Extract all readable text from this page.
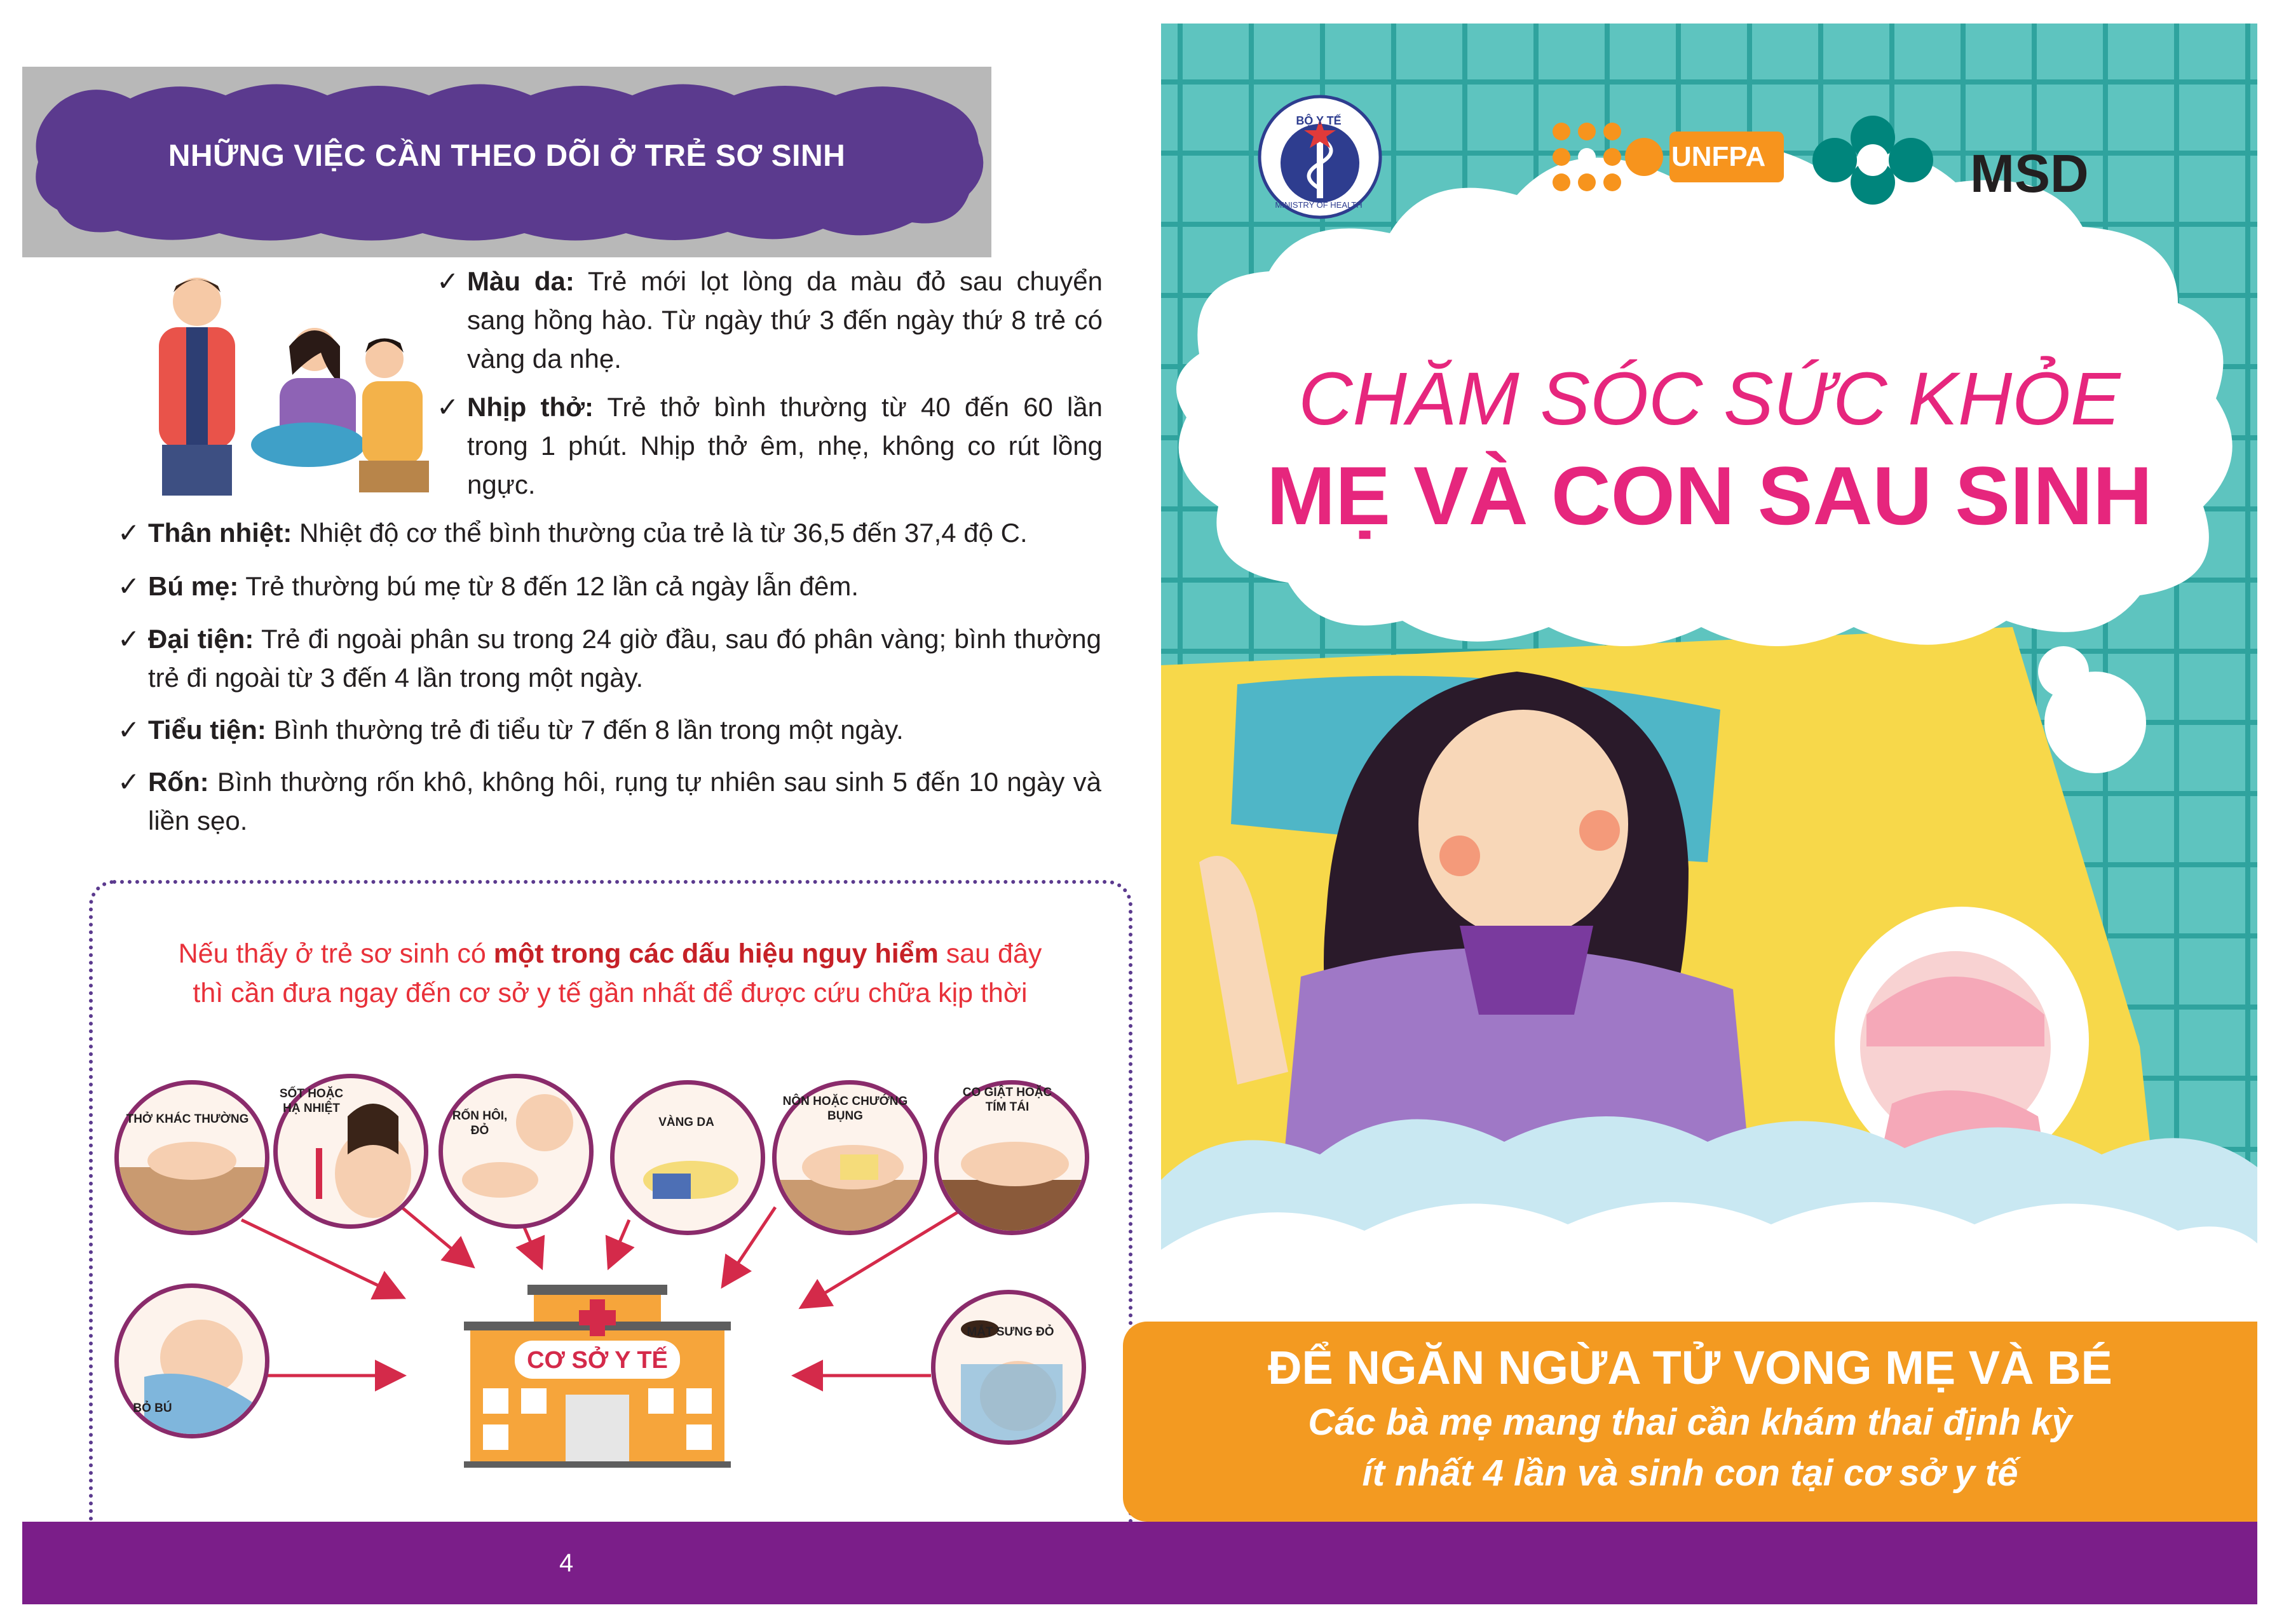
NHỮNG VIỆC CẦN THEO DÕI Ở TRẺ SƠ SINH
✓ Màu da: Trẻ mới lọt lòng da màu đỏ sau chuyển sang hồng hào. Từ ngày thứ 3 đến ngày thứ 8 trẻ có vàng da nhẹ.
✓ Nhịp thở: Trẻ thở bình thường từ 40 đến 60 lần trong 1 phút. Nhịp thở êm, nhẹ, không co rút lồng ngực.
✓ Thân nhiệt: Nhiệt độ cơ thể bình thường của trẻ là từ 36,5 đến 37,4 độ C.
✓ Bú mẹ: Trẻ thường bú mẹ từ 8 đến 12 lần cả ngày lẫn đêm.
✓ Đại tiện: Trẻ đi ngoài phân su trong 24 giờ đầu, sau đó phân vàng; bình thường trẻ đi ngoài từ 3 đến 4 lần trong một ngày.
✓ Tiểu tiện: Bình thường trẻ đi tiểu từ 7 đến 8 lần trong một ngày.
✓ Rốn: Bình thường rốn khô, không hôi, rụng tự nhiên sau sinh 5 đến 10 ngày và liền sẹo.
Nếu thấy ở trẻ sơ sinh có một trong các dấu hiệu nguy hiểm sau đây
thì cần đưa ngay đến cơ sở y tế gần nhất để được cứu chữa kịp thời
THỞ KHÁC THƯỜNG
SỐT HOẶC HẠ NHIỆT
RỐN HÔI, ĐỎ
VÀNG DA
NÔN HOẶC CHƯỚNG BỤNG
CO GIẬT HOẶC TÍM TÁI
BỎ BÚ
MẮT SƯNG ĐỎ
CƠ SỞ Y TẾ
BỘ Y TẾ
MINISTRY OF HEALTH
UNFPA	MSD
CHĂM SÓC SỨC KHỎE
MẸ VÀ CON SAU SINH
ĐỂ NGĂN NGỪA TỬ VONG MẸ VÀ BÉ
Các bà mẹ mang thai cần khám thai định kỳ
ít nhất 4 lần và sinh con tại cơ sở y tế
4
